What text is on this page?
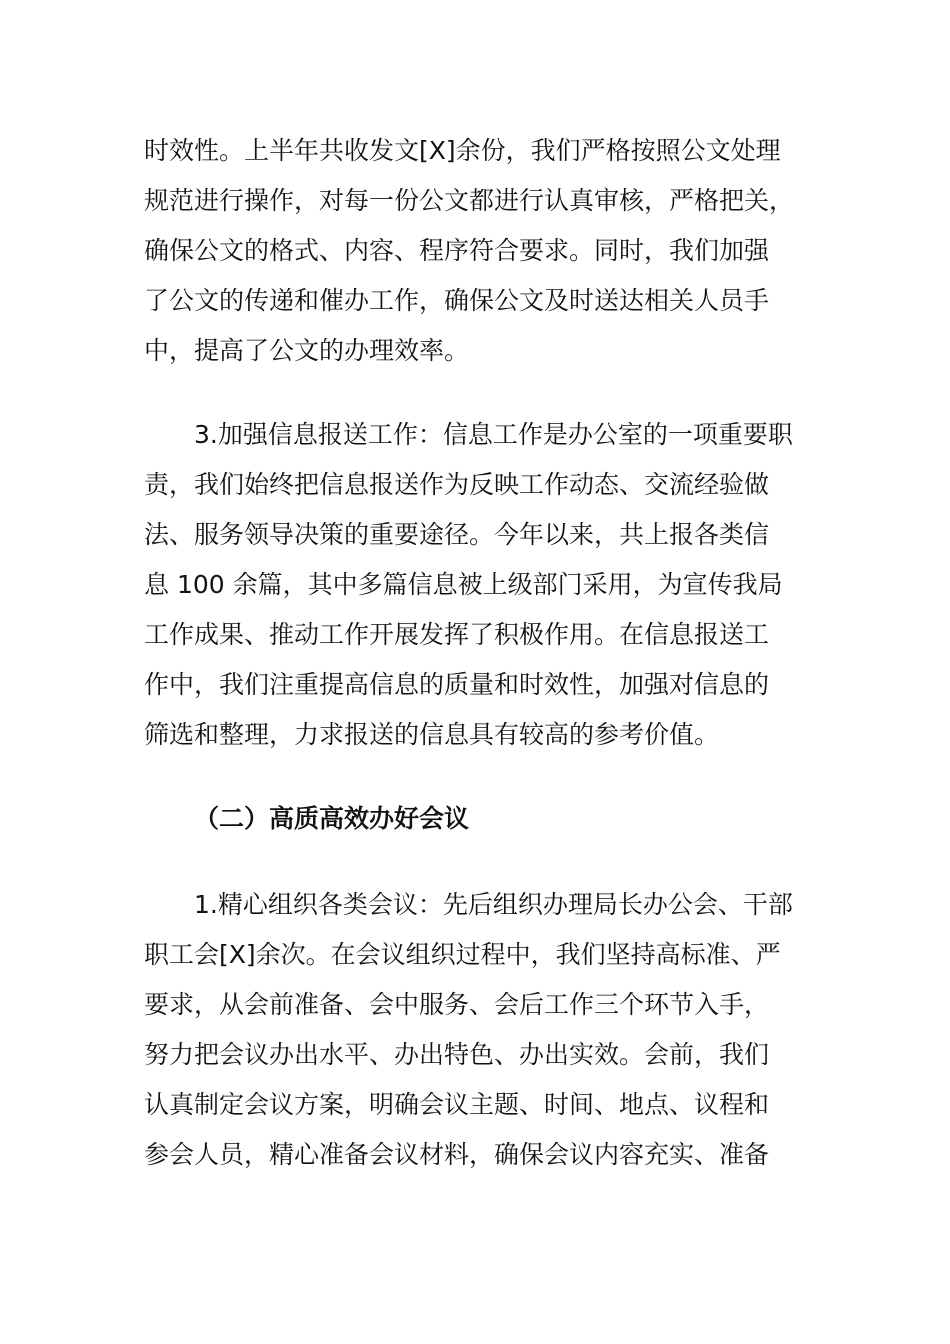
时效性。上半年共收发文[X]余份，我们严格按照公文处理
规范进行操作，对每一份公文都进行认真审核，严格把关，
确保公文的格式、内容、程序符合要求。同时，我们加强
了公文的传递和催办工作，确保公文及时送达相关人员手
中，提高了公文的办理效率。
3.加强信息报送工作：信息工作是办公室的一项重要职
责，我们始终把信息报送作为反映工作动态、交流经验做
法、服务领导决策的重要途径。今年以来，共上报各类信
息 100 余篇，其中多篇信息被上级部门采用，为宣传我局
工作成果、推动工作开展发挥了积极作用。在信息报送工
作中，我们注重提高信息的质量和时效性，加强对信息的
筛选和整理，力求报送的信息具有较高的参考价值。
（二）高质高效办好会议
1.精心组织各类会议：先后组织办理局长办公会、干部
职工会[X]余次。在会议组织过程中，我们坚持高标准、严
要求，从会前准备、会中服务、会后工作三个环节入手，
努力把会议办出水平、办出特色、办出实效。会前，我们
认真制定会议方案，明确会议主题、时间、地点、议程和
参会人员，精心准备会议材料，确保会议内容充实、准备
